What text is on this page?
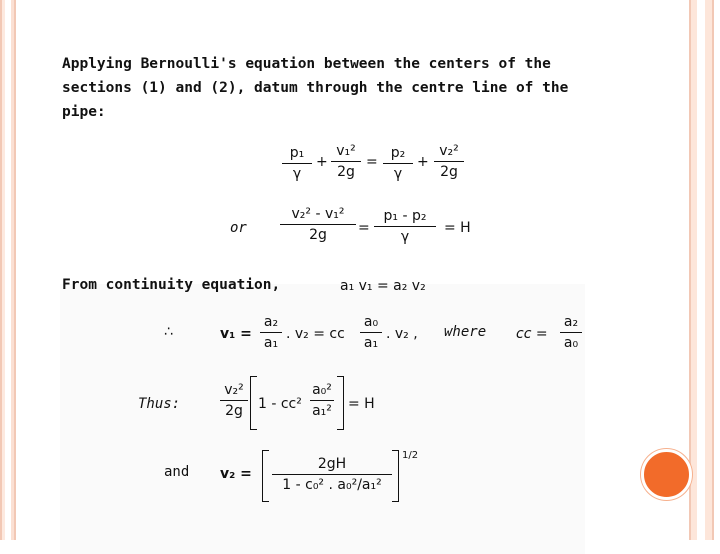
Applying Bernoulli's equation between the centers of the
sections (1) and (2), datum through the centre line of the
pipe:
p₁
γ
+
v₁²
2g
=
p₂
γ
+
v₂²
2g
or
v₂² - v₁²
2g	=
p₁ - p₂
γ
= H
From continuity equation,	a₁ v₁ = a₂ v₂
∴	v₁ =
a₂
a₁
. v₂ = cc
a₀
a₁
. v₂ , where cc =
a₂
a₀
Thus:
v₂²
2g	1 - cc²
a₀²
a₁² = H
and v₂ =
2gH
1 - c₀² . a₀²/a₁²
1/2
